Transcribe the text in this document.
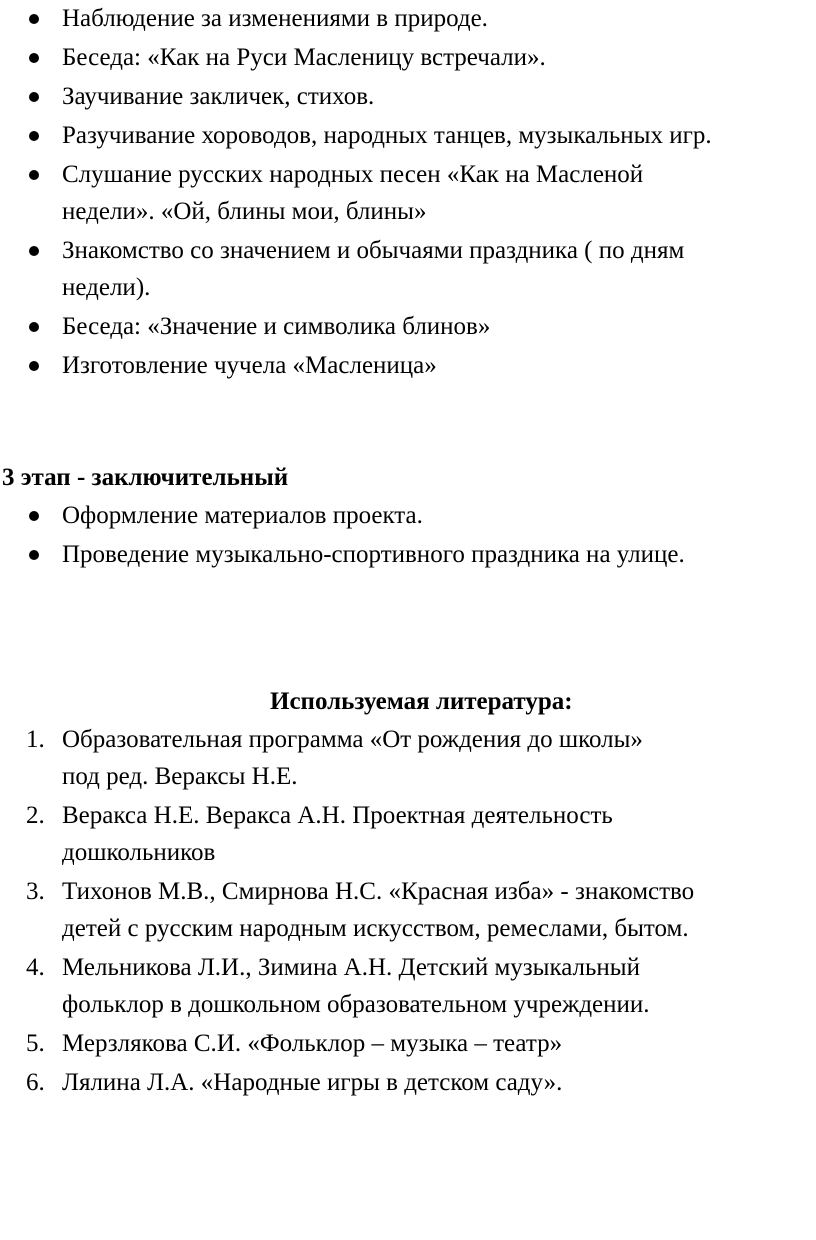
Наблюдение за изменениями в природе.
Беседа: «Как на Руси Масленицу встречали».
Заучивание закличек, стихов.
Разучивание хороводов, народных танцев, музыкальных игр.
Слушание русских народных песен «Как на Масленой
недели». «Ой, блины мои, блины»
Знакомство со значением и обычаями праздника ( по дням
недели).
Беседа: «Значение и символика блинов»
Изготовление чучела «Масленица»
3 этап - заключительный
Оформление материалов проекта.
Проведение музыкально-спортивного праздника на улице.
Используемая литература:
1. Образовательная программа «От рождения до школы»
под ред. Вераксы Н.Е.
2. Веракса Н.Е. Веракса А.Н. Проектная деятельность
дошкольников
3. Тихонов М.В., Смирнова Н.С. «Красная изба» - знакомство
детей с русским народным искусством, ремеслами, бытом.
4. Мельникова Л.И., Зимина А.Н. Детский музыкальный
фольклор в дошкольном образовательном учреждении.
5. Мерзлякова С.И. «Фольклор – музыка – театр»
6. Лялина Л.А. «Народные игры в детском саду».
